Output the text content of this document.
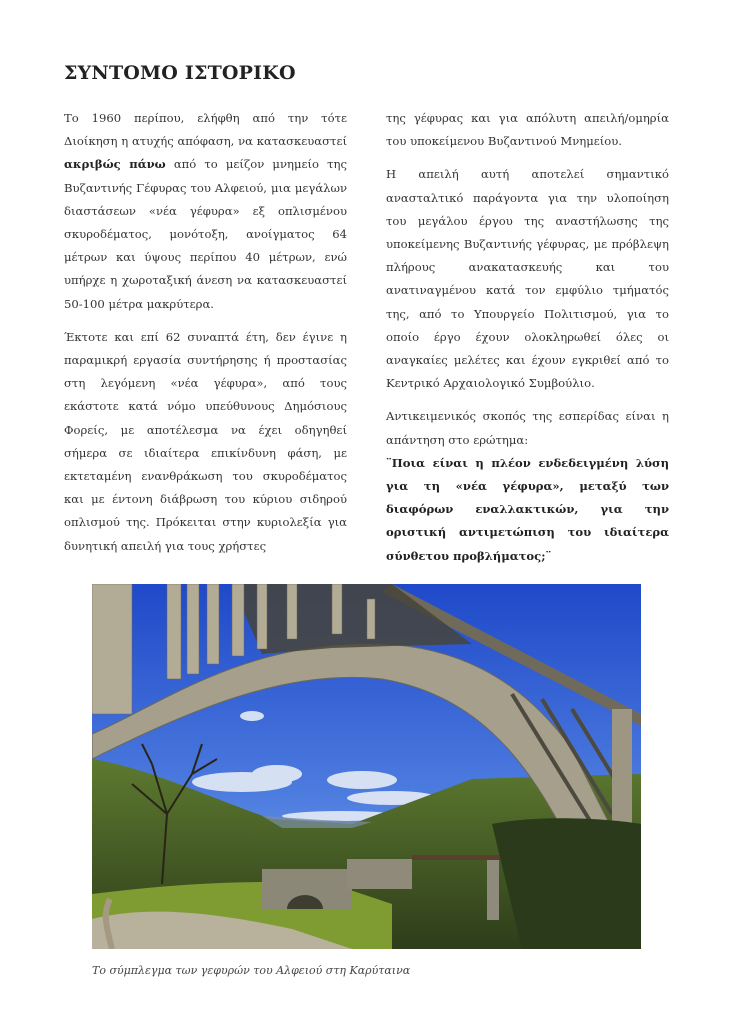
ΣΥΝΤΟΜΟ ΙΣΤΟΡΙΚΟ

Το 1960 περίπου, ελήφθη από την τότε Διοίκηση η ατυχής απόφαση, να κατασκευαστεί ακριβώς πάνω από το μείζον μνημείο της Βυζαντινής Γέφυρας του Αλφειού, μια μεγάλων διαστάσεων «νέα γέφυρα» εξ οπλισμένου σκυροδέματος, μονότοξη, ανοίγματος 64 μέτρων και ύψους περίπου 40 μέτρων, ενώ υπήρχε η χωροταξική άνεση να κατασκευαστεί 50-100 μέτρα μακρύτερα.

Έκτοτε και επί 62 συναπτά έτη, δεν έγινε η παραμικρή εργασία συντήρησης ή προστασίας στη λεγόμενη «νέα γέφυρα», από τους εκάστοτε κατά νόμο υπεύθυνους Δημόσιους Φορείς, με αποτέλεσμα να έχει οδηγηθεί σήμερα σε ιδιαίτερα επικίνδυνη φάση, με εκτεταμένη ενανθράκωση του σκυροδέματος και με έντονη διάβρωση του κύριου σιδηρού οπλισμού της. Πρόκειται στην κυριολεξία για δυνητική απειλή για τους χρήστες

της γέφυρας και για απόλυτη απειλή/ομηρία του υποκείμενου Βυζαντινού Μνημείου.

Η απειλή αυτή αποτελεί σημαντικό ανασταλτικό παράγοντα για την υλοποίηση του μεγάλου έργου της αναστήλωσης της υποκείμενης Βυζαντινής γέφυρας, με πρόβλεψη πλήρους ανακατασκευής και του ανατιναγμένου κατά τον εμφύλιο τμήματός της, από το Υπουργείο Πολιτισμού, για το οποίο έργο έχουν ολοκληρωθεί όλες οι αναγκαίες μελέτες και έχουν εγκριθεί από το Κεντρικό Αρχαιολογικό Συμβούλιο.

Αντικειμενικός σκοπός της εσπερίδας είναι η απάντηση στο ερώτημα:

¨Ποια είναι η πλέον ενδεδειγμένη λύση για τη «νέα γέφυρα», μεταξύ των διαφόρων εναλλακτικών, για την οριστική αντιμετώπιση του ιδιαίτερα σύνθετου προβλήματος;¨

Το σύμπλεγμα των γεφυρών του Αλφειού στη Καρύταινα
